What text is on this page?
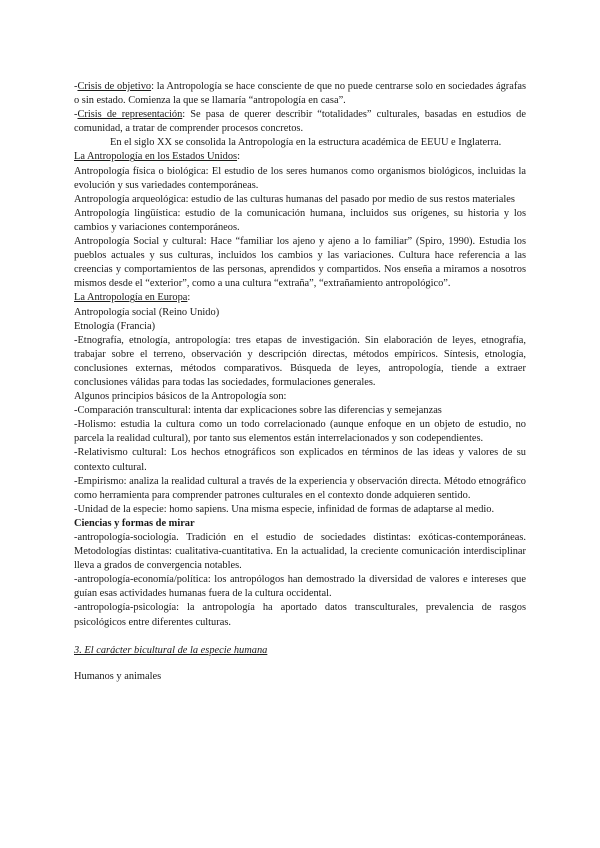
-Crisis de objetivo: la Antropología se hace consciente de que no puede centrarse solo en sociedades ágrafas o sin estado. Comienza la que se llamaría “antropología en casa”.

-Crisis de representación: Se pasa de querer describir “totalidades” culturales, basadas en estudios de comunidad, a tratar de comprender procesos concretos.

En el siglo XX se consolida la Antropología en la estructura académica de EEUU e Inglaterra.

La Antropología en los Estados Unidos:

Antropología física o biológica: El estudio de los seres humanos como organismos biológicos, incluidas la evolución y sus variedades contemporáneas.

Antropología arqueológica: estudio de las culturas humanas del pasado por medio de sus restos materiales

Antropología lingüística: estudio de la comunicación humana, incluidos sus orígenes, su historia y los cambios y variaciones contemporáneos.

Antropología Social y cultural: Hace “familiar los ajeno y ajeno a lo familiar” (Spiro, 1990). Estudia los pueblos actuales y sus culturas, incluidos los cambios y las variaciones. Cultura hace referencia a las creencias y comportamientos de las personas, aprendidos y compartidos. Nos enseña a miramos a nosotros mismos desde el “exterior”, como a una cultura “extraña”, “extrañamiento antropológico”.

La Antropología en Europa:

Antropología social (Reino Unido)

Etnología (Francia)

-Etnografía, etnología, antropología: tres etapas de investigación. Sin elaboración de leyes, etnografía, trabajar sobre el terreno, observación y descripción directas, métodos empíricos. Síntesis, etnología, conclusiones externas, métodos comparativos. Búsqueda de leyes, antropología, tiende a extraer conclusiones válidas para todas las sociedades, formulaciones generales.

Algunos principios básicos de la Antropología son:

-Comparación transcultural: intenta dar explicaciones sobre las diferencias y semejanzas

-Holismo: estudia la cultura como un todo correlacionado (aunque enfoque en un objeto de estudio, no parcela la realidad cultural), por tanto sus elementos están interrelacionados y son codependientes.

-Relativismo cultural: Los hechos etnográficos son explicados en términos de las ideas y valores de su contexto cultural.

-Empirismo: analiza la realidad cultural a través de la experiencia y observación directa. Método etnográfico como herramienta para comprender patrones culturales en el contexto donde adquieren sentido.

-Unidad de la especie: homo sapiens. Una misma especie, infinidad de formas de adaptarse al medio.

Ciencias y formas de mirar

-antropología-sociología. Tradición en el estudio de sociedades distintas: exóticas-contemporáneas. Metodologías distintas: cualitativa-cuantitativa. En la actualidad, la creciente comunicación interdisciplinar lleva a grados de convergencia notables.

-antropología-economía/política: los antropólogos han demostrado la diversidad de valores e intereses que guían esas actividades humanas fuera de la cultura occidental.

-antropología-psicología: la antropología ha aportado datos transculturales, prevalencia de rasgos psicológicos entre diferentes culturas.

3. El carácter bicultural de la especie humana

Humanos y animales
